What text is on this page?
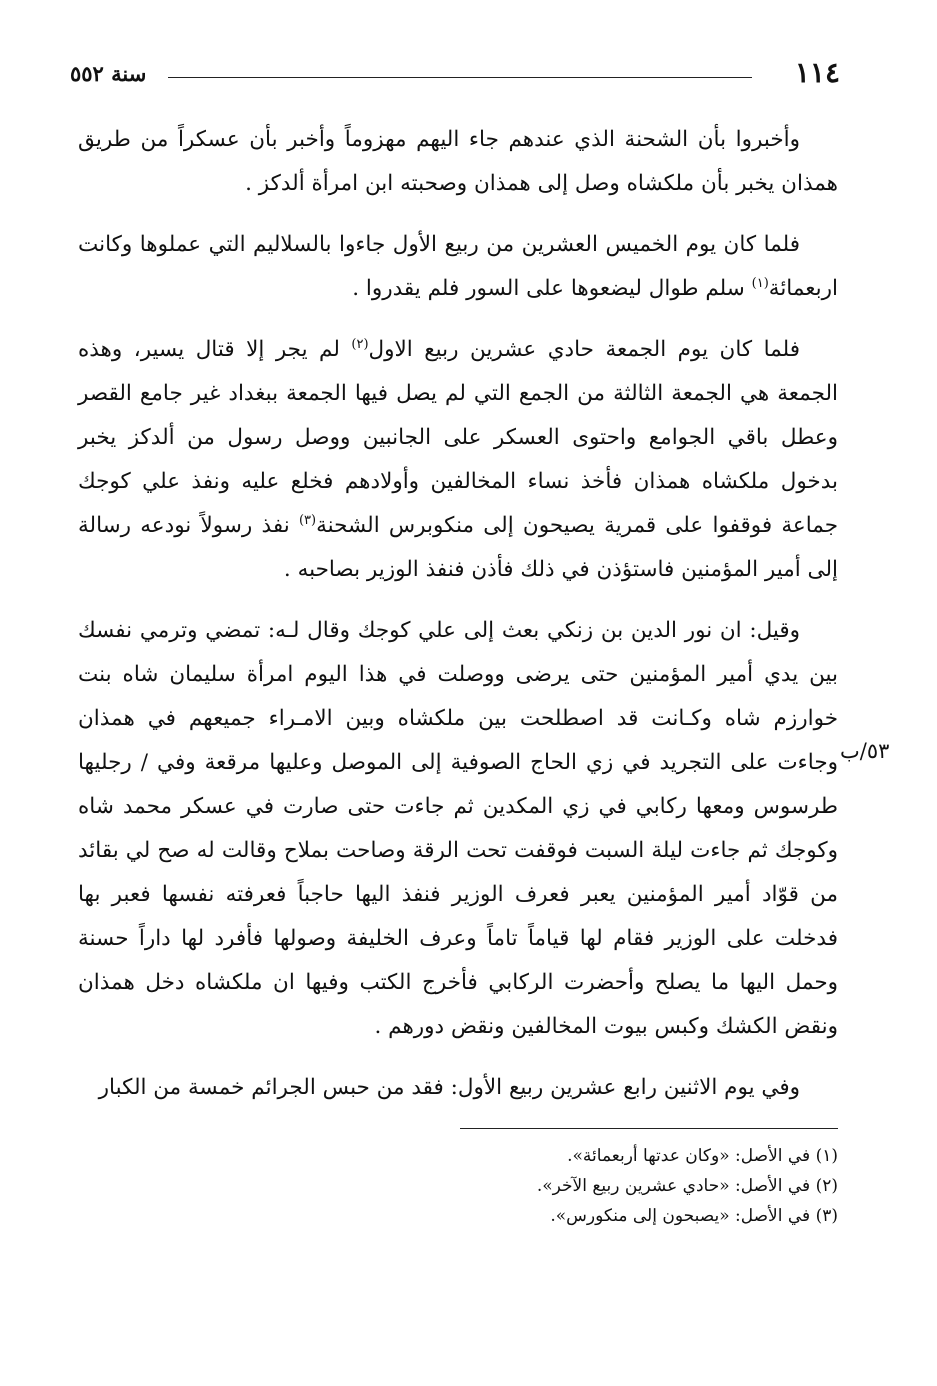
١١٤
سنة ٥٥٢
٥٣/ب

وأخبروا بأن الشحنة الذي عندهم جاء اليهم مهزوماً وأخبر بأن عسكراً من طريق همذان يخبر بأن ملكشاه وصل إلى همذان وصحبته ابن امرأة ألدكز .

فلما كان يوم الخميس العشرين من ربيع الأول جاءوا بالسلاليم التي عملوها وكانت اربعمائة$^{(١)}$ سلم طوال ليضعوها على السور فلم يقدروا .

فلما كان يوم الجمعة حادي عشرين ربيع الاول$^{(٢)}$ لم يجر إلا قتال يسير، وهذه الجمعة هي الجمعة الثالثة من الجمع التي لم يصل فيها الجمعة ببغداد غير جامع القصر وعطل باقي الجوامع واحتوى العسكر على الجانبين ووصل رسول من ألدكز يخبر بدخول ملكشاه همذان فأخذ نساء المخالفين وأولادهم فخلع عليه ونفذ علي كوجك جماعة فوقفوا على قمرية يصيحون إلى منكوبرس الشحنة$^{(٣)}$ نفذ رسولاً نودعه رسالة إلى أمير المؤمنين فاستؤذن في ذلك فأذن فنفذ الوزير بصاحبه .

وقيل: ان نور الدين بن زنكي بعث إلى علي كوجك وقال لـه: تمضي وترمي نفسك بين يدي أمير المؤمنين حتى يرضى ووصلت في هذا اليوم امرأة سليمان شاه بنت خوارزم شاه وكـانت قد اصطلحت بين ملكشاه وبين الامـراء جميعهم في همذان وجاءت على التجريد في زي الحاج الصوفية إلى الموصل وعليها مرقعة وفي / رجليها طرسوس ومعها ركابي في زي المكدين ثم جاءت حتى صارت في عسكر محمد شاه وكوجك ثم جاءت ليلة السبت فوقفت تحت الرقة وصاحت بملاح وقالت له صح لي بقائد من قوّاد أمير المؤمنين يعبر فعرف الوزير فنفذ اليها حاجباً فعرفته نفسها فعبر بها فدخلت على الوزير فقام لها قياماً تاماً وعرف الخليفة وصولها فأفرد لها داراً حسنة وحمل اليها ما يصلح وأحضرت الركابي فأخرج الكتب وفيها ان ملكشاه دخل همذان ونقض الكشك وكبس بيوت المخالفين ونقض دورهم .

وفي يوم الاثنين رابع عشرين ربيع الأول: فقد من حبس الجرائم خمسة من الكبار

(١) في الأصل: «وكان عدتها أربعمائة».

(٢) في الأصل: «حادي عشرين ربيع الآخر».

(٣) في الأصل: «يصبحون إلى منكورس».
